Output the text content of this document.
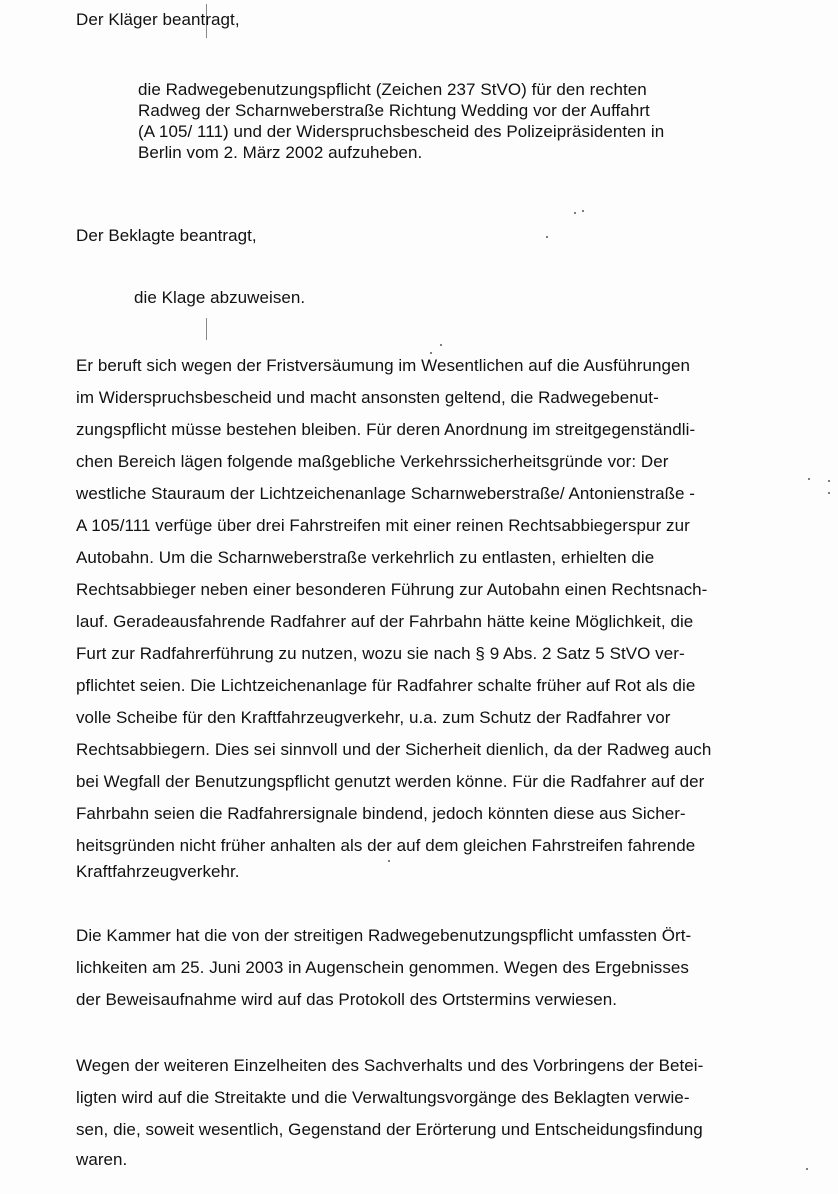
Der Kläger beantragt,
die Radwegebenutzungspflicht (Zeichen 237 StVO) für den rechten
Radweg der Scharnweberstraße Richtung Wedding vor der Auffahrt
(A 105/ 111) und der Widerspruchsbescheid des Polizeipräsidenten in
Berlin vom 2. März 2002 aufzuheben.
Der Beklagte beantragt,
die Klage abzuweisen.
Er beruft sich wegen der Fristversäumung im Wesentlichen auf die Ausführungen
im Widerspruchsbescheid und macht ansonsten geltend, die Radwegebenut-
zungspflicht müsse bestehen bleiben. Für deren Anordnung im streitgegenständli-
chen Bereich lägen folgende maßgebliche Verkehrssicherheitsgründe vor: Der
westliche Stauraum der Lichtzeichenanlage Scharnweberstraße/ Antonienstraße -
A 105/111 verfüge über drei Fahrstreifen mit einer reinen Rechtsabbiegerspur zur
Autobahn. Um die Scharnweberstraße verkehrlich zu entlasten, erhielten die
Rechtsabbieger neben einer besonderen Führung zur Autobahn einen Rechtsnach-
lauf. Geradeausfahrende Radfahrer auf der Fahrbahn hätte keine Möglichkeit, die
Furt zur Radfahrerführung zu nutzen, wozu sie nach § 9 Abs. 2 Satz 5 StVO ver-
pflichtet seien. Die Lichtzeichenanlage für Radfahrer schalte früher auf Rot als die
volle Scheibe für den Kraftfahrzeugverkehr, u.a. zum Schutz der Radfahrer vor
Rechtsabbiegern. Dies sei sinnvoll und der Sicherheit dienlich, da der Radweg auch
bei Wegfall der Benutzungspflicht genutzt werden könne. Für die Radfahrer auf der
Fahrbahn seien die Radfahrersignale bindend, jedoch könnten diese aus Sicher-
heitsgründen nicht früher anhalten als der auf dem gleichen Fahrstreifen fahrende
Kraftfahrzeugverkehr.
Die Kammer hat die von der streitigen Radwegebenutzungspflicht umfassten Ört-
lichkeiten am 25. Juni 2003 in Augenschein genommen. Wegen des Ergebnisses
der Beweisaufnahme wird auf das Protokoll des Ortstermins verwiesen.
Wegen der weiteren Einzelheiten des Sachverhalts und des Vorbringens der Betei-
ligten wird auf die Streitakte und die Verwaltungsvorgänge des Beklagten verwie-
sen, die, soweit wesentlich, Gegenstand der Erörterung und Entscheidungsfindung
waren.
